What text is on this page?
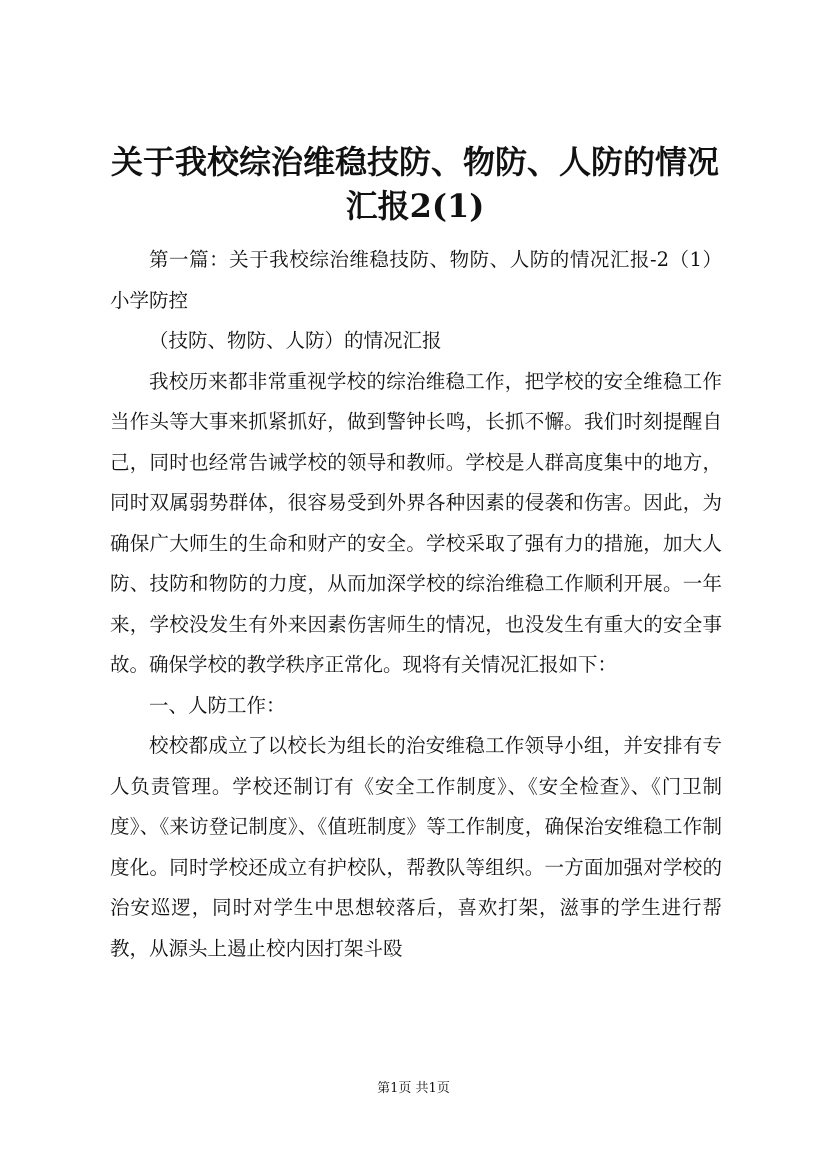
关于我校综治维稳技防、物防、人防的情况汇报2(1)

第一篇：关于我校综治维稳技防、物防、人防的情况汇报-2（1）小学防控

（技防、物防、人防）的情况汇报

我校历来都非常重视学校的综治维稳工作，把学校的安全维稳工作当作头等大事来抓紧抓好，做到警钟长鸣，长抓不懈。我们时刻提醒自己，同时也经常告诫学校的领导和教师。学校是人群高度集中的地方，同时双属弱势群体，很容易受到外界各种因素的侵袭和伤害。因此，为确保广大师生的生命和财产的安全。学校采取了强有力的措施，加大人防、技防和物防的力度，从而加深学校的综治维稳工作顺利开展。一年来，学校没发生有外来因素伤害师生的情况，也没发生有重大的安全事故。确保学校的教学秩序正常化。现将有关情况汇报如下：

一、人防工作：

校校都成立了以校长为组长的治安维稳工作领导小组，并安排有专人负责管理。学校还制订有《安全工作制度》、《安全检查》、《门卫制度》、《来访登记制度》、《值班制度》等工作制度，确保治安维稳工作制度化。同时学校还成立有护校队，帮教队等组织。一方面加强对学校的治安巡逻，同时对学生中思想较落后，喜欢打架，滋事的学生进行帮教，从源头上遏止校内因打架斗殴

第1页 共1页
